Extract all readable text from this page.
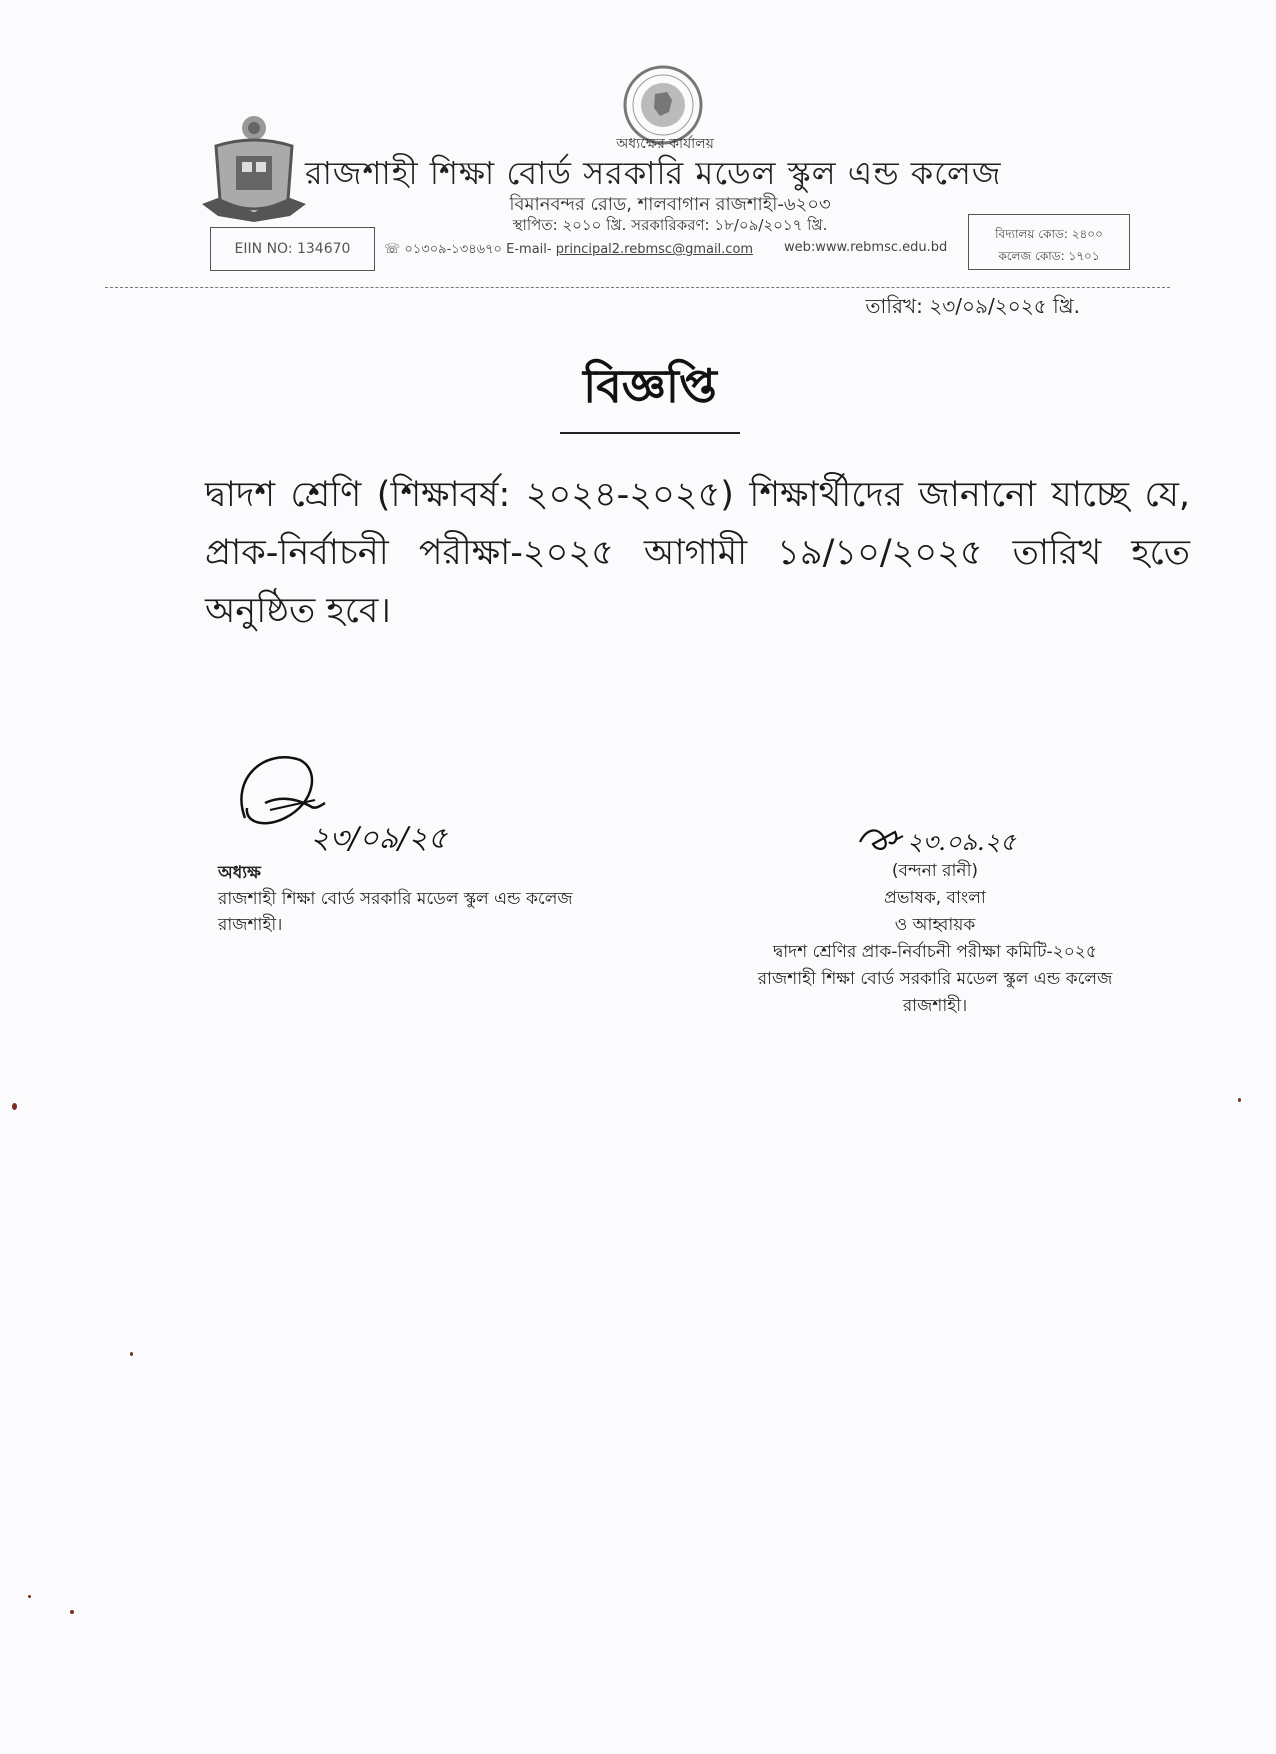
অধ্যক্ষের কার্যালয়
রাজশাহী শিক্ষা বোর্ড সরকারি মডেল স্কুল এন্ড কলেজ
বিমানবন্দর রোড, শালবাগান রাজশাহী-৬২০৩
স্থাপিত: ২০১০ খ্রি. সরকারিকরণ: ১৮/০৯/২০১৭ খ্রি.
EIIN NO: 134670	☏ ০১৩০৯-১৩৪৬৭০ E-mail- principal2.rebmsc@gmail.com web:www.rebmsc.edu.bd
বিদ্যালয় কোড: ২৪০০
কলেজ কোড: ১৭০১
তারিখ: ২৩/০৯/২০২৫ খ্রি.
বিজ্ঞপ্তি
দ্বাদশ শ্রেণি (শিক্ষাবর্ষ: ২০২৪-২০২৫) শিক্ষার্থীদের জানানো যাচ্ছে যে, প্রাক-নির্বাচনী পরীক্ষা-২০২৫ আগামী ১৯/১০/২০২৫ তারিখ হতে অনুষ্ঠিত হবে।
২৩/০৯/২৫
অধ্যক্ষ
রাজশাহী শিক্ষা বোর্ড সরকারি মডেল স্কুল এন্ড কলেজ
রাজশাহী।
২৩.০৯.২৫
(বন্দনা রানী)
প্রভাষক, বাংলা
ও আহ্বায়ক
দ্বাদশ শ্রেণির প্রাক-নির্বাচনী পরীক্ষা কমিটি-২০২৫
রাজশাহী শিক্ষা বোর্ড সরকারি মডেল স্কুল এন্ড কলেজ
রাজশাহী।
